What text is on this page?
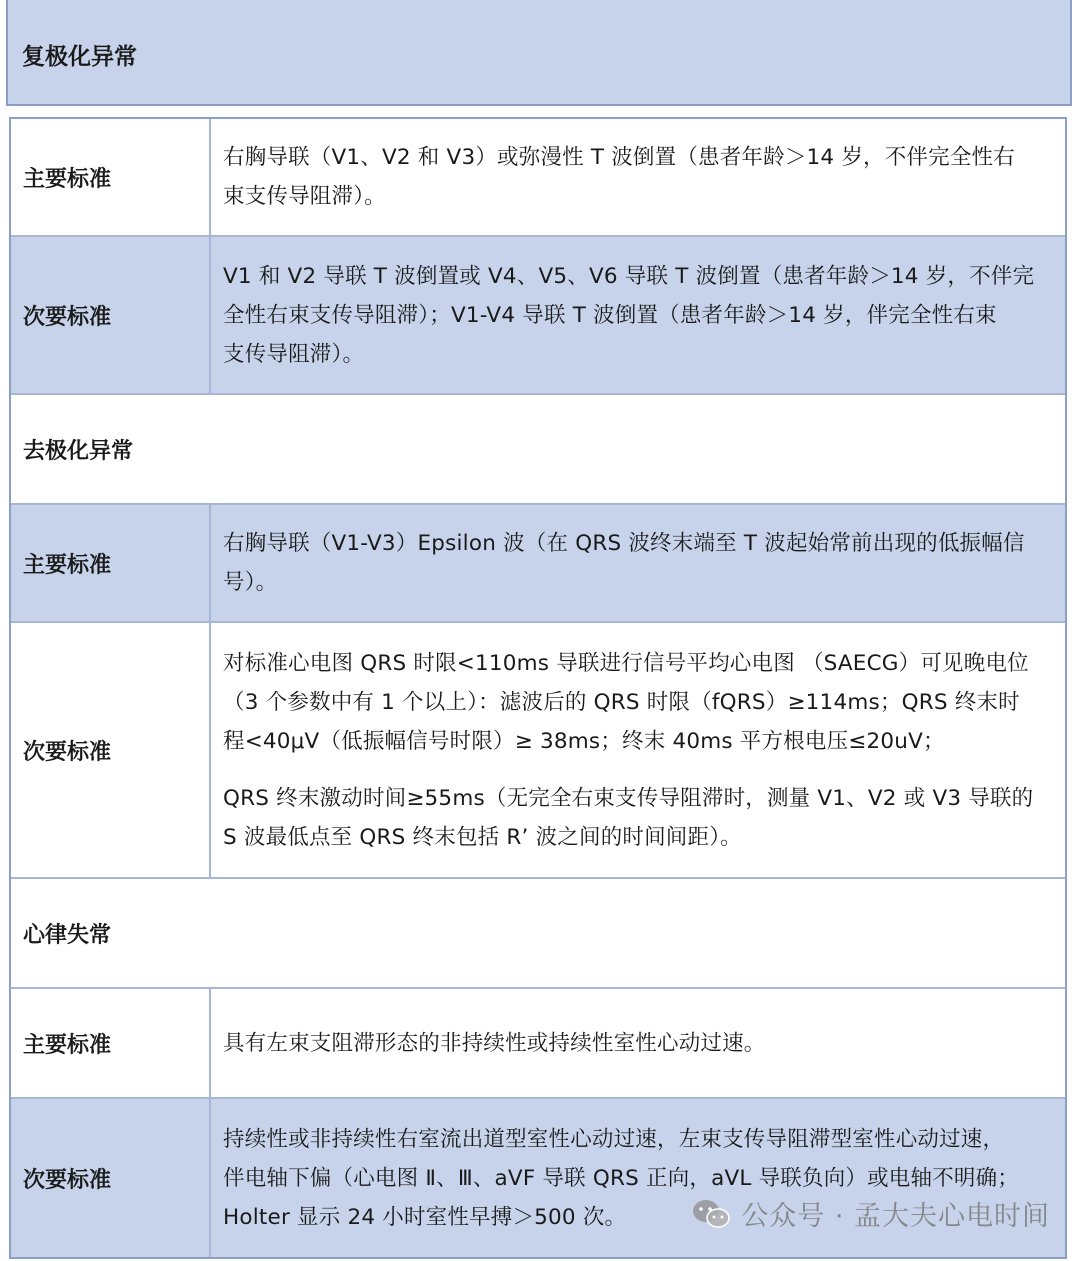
复极化异常
主要标准
右胸导联（V1、V2 和 V3）或弥漫性 T 波倒置（患者年龄＞14 岁，不伴完全性右
束支传导阻滞）。
次要标准
V1 和 V2 导联 T 波倒置或 V4、V5、V6 导联 T 波倒置（患者年龄＞14 岁，不伴完
全性右束支传导阻滞）；V1-V4 导联 T 波倒置（患者年龄＞14 岁，伴完全性右束
支传导阻滞）。
去极化异常
主要标准
右胸导联（V1-V3）Epsilon 波（在 QRS 波终末端至 T 波起始常前出现的低振幅信
号）。
次要标准

对标准心电图 QRS 时限<110ms 导联进行信号平均心电图 （SAECG）可见晚电位
（3 个参数中有 1 个以上）：滤波后的 QRS 时限（fQRS）≥114ms；QRS 终末时
程<40μV（低振幅信号时限）≥ 38ms；终末 40ms 平方根电压≤20uV；

QRS 终末激动时间≥55ms（无完全右束支传导阻滞时，测量 V1、V2 或 V3 导联的
S 波最低点至 QRS 终末包括 R’ 波之间的时间间距）。

心律失常
主要标准	具有左束支阻滞形态的非持续性或持续性室性心动过速。
次要标准
持续性或非持续性右室流出道型室性心动过速，左束支传导阻滞型室性心动过速，
伴电轴下偏（心电图 Ⅱ、Ⅲ、aVF 导联 QRS 正向，aVL 导联负向）或电轴不明确；
Holter 显示 24 小时室性早搏＞500 次。	公众号 · 孟大夫心电时间
